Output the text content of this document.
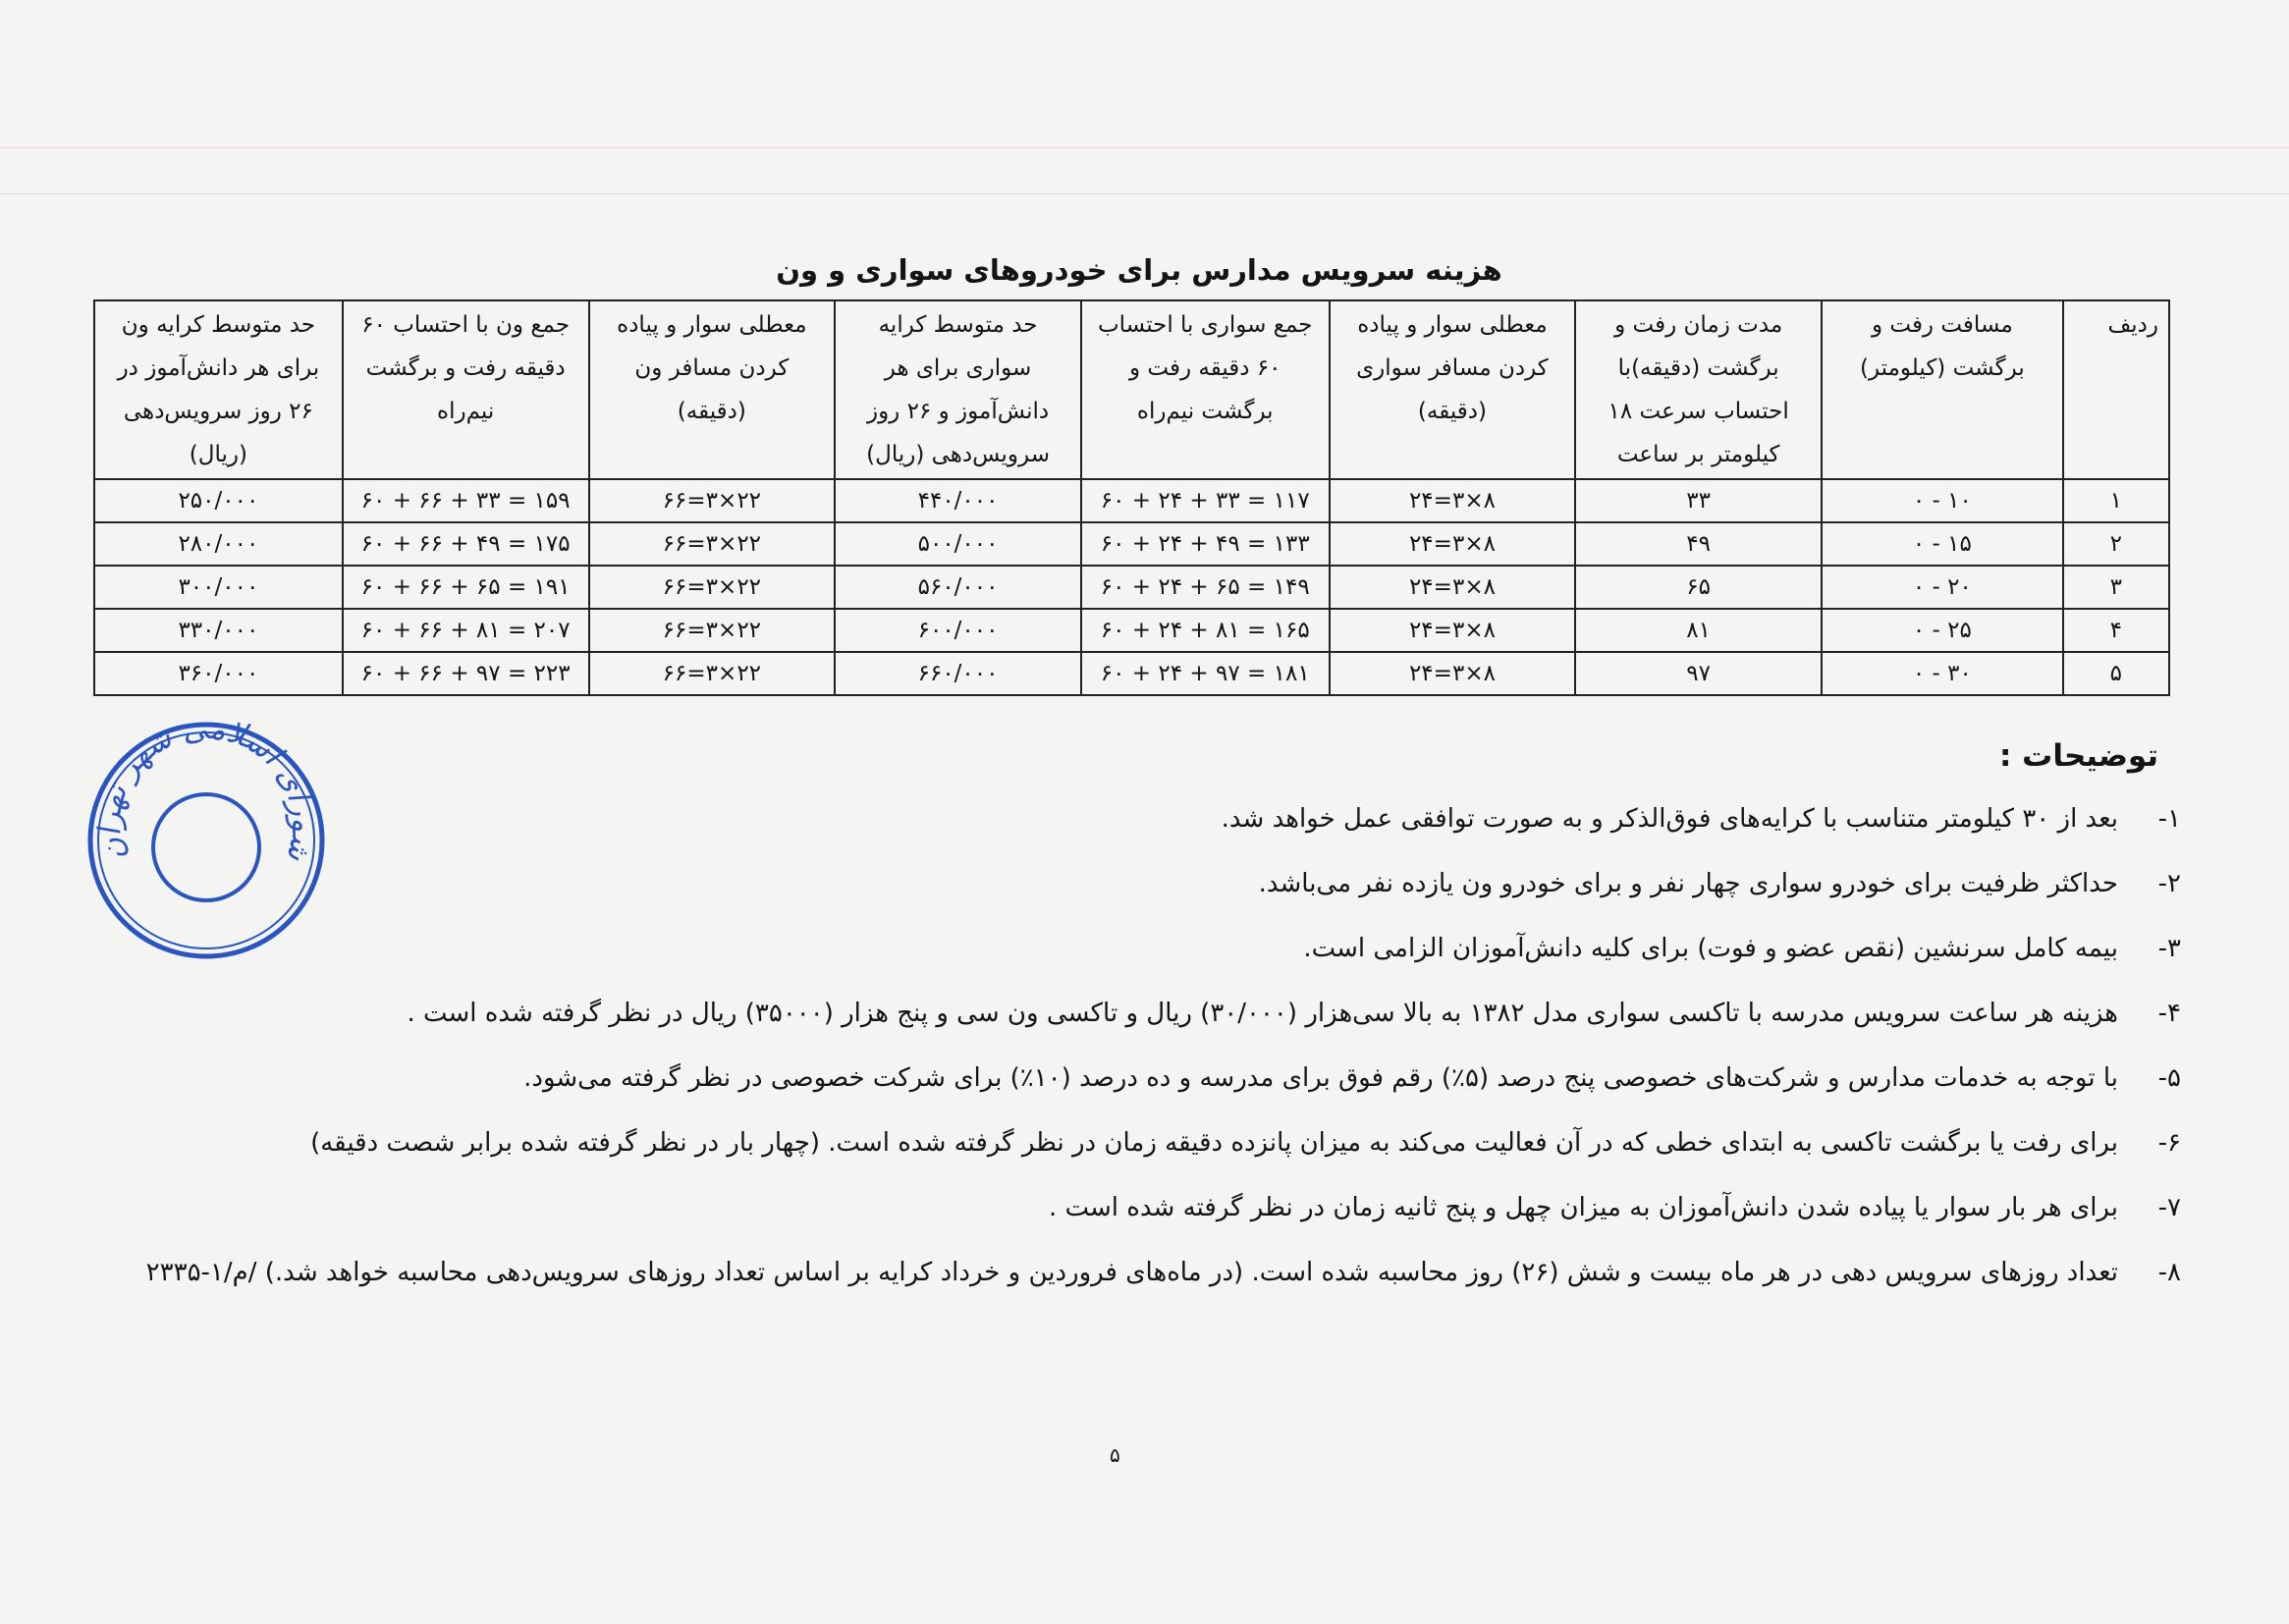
هزینه سرویس مدارس برای خودروهای سواری و ون
ردیف	مسافت رفت و برگشت (کیلومتر)	مدت زمان رفت و برگشت (دقیقه)با احتساب سرعت ۱۸ کیلومتر بر ساعت	معطلی سوار و پیاده کردن مسافر سواری (دقیقه)	جمع سواری با احتساب ۶۰ دقیقه رفت و برگشت نیم‌راه	حد متوسط کرایه سواری برای هر دانش‌آموز و ۲۶ روز سرویس‌دهی (ریال)	معطلی سوار و پیاده کردن مسافر ون (دقیقه)	جمع ون با احتساب ۶۰ دقیقه رفت و برگشت نیم‌راه	حد متوسط کرایه ون برای هر دانش‌آموز در ۲۶ روز سرویس‌دهی (ریال)
۱	۱۰ - ۰	۳۳	۸×۳=۲۴	۱۱۷ = ۳۳ + ۲۴ + ۶۰	۴۴۰/۰۰۰	۲۲×۳=۶۶	۱۵۹ = ۳۳ + ۶۶ + ۶۰	۲۵۰/۰۰۰
۲	۱۵ - ۰	۴۹	۸×۳=۲۴	۱۳۳ = ۴۹ + ۲۴ + ۶۰	۵۰۰/۰۰۰	۲۲×۳=۶۶	۱۷۵ = ۴۹ + ۶۶ + ۶۰	۲۸۰/۰۰۰
۳	۲۰ - ۰	۶۵	۸×۳=۲۴	۱۴۹ = ۶۵ + ۲۴ + ۶۰	۵۶۰/۰۰۰	۲۲×۳=۶۶	۱۹۱ = ۶۵ + ۶۶ + ۶۰	۳۰۰/۰۰۰
۴	۲۵ - ۰	۸۱	۸×۳=۲۴	۱۶۵ = ۸۱ + ۲۴ + ۶۰	۶۰۰/۰۰۰	۲۲×۳=۶۶	۲۰۷ = ۸۱ + ۶۶ + ۶۰	۳۳۰/۰۰۰
۵	۳۰ - ۰	۹۷	۸×۳=۲۴	۱۸۱ = ۹۷ + ۲۴ + ۶۰	۶۶۰/۰۰۰	۲۲×۳=۶۶	۲۲۳ = ۹۷ + ۶۶ + ۶۰	۳۶۰/۰۰۰
توضیحات :
۱-بعد از ۳۰ کیلومتر متناسب با کرایه‌های فوق‌الذکر و به صورت توافقی عمل خواهد شد.
۲-حداکثر ظرفیت برای خودرو سواری چهار نفر و برای خودرو ون یازده نفر می‌باشد.
۳-بیمه کامل سرنشین (نقص عضو و فوت) برای کلیه دانش‌آموزان الزامی است.
۴-هزینه هر ساعت سرویس مدرسه با تاکسی سواری مدل ۱۳۸۲ به بالا سی‌هزار (۳۰/۰۰۰) ریال و تاکسی ون سی و پنج هزار (۳۵۰۰۰) ریال در نظر گرفته شده است .
۵-با توجه به خدمات مدارس و شرکت‌های خصوصی پنج درصد (۵٪) رقم فوق برای مدرسه و ده درصد (۱۰٪) برای شرکت خصوصی در نظر گرفته می‌شود.
۶-برای رفت یا برگشت تاکسی به ابتدای خطی که در آن فعالیت می‌کند به میزان پانزده دقیقه زمان در نظر گرفته شده است. (چهار بار در نظر گرفته شده برابر شصت دقیقه)
۷-برای هر بار سوار یا پیاده شدن دانش‌آموزان به میزان چهل و پنج ثانیه زمان در نظر گرفته شده است .
۸-تعداد روزهای سرویس دهی در هر ماه بیست و شش (۲۶) روز محاسبه شده است. (در ماه‌های فروردین و خرداد کرایه بر اساس تعداد روزهای سرویس‌دهی محاسبه خواهد شد.) /م/۱-۲۳۳۵
شورای اسلامی شهر تهران
۵
